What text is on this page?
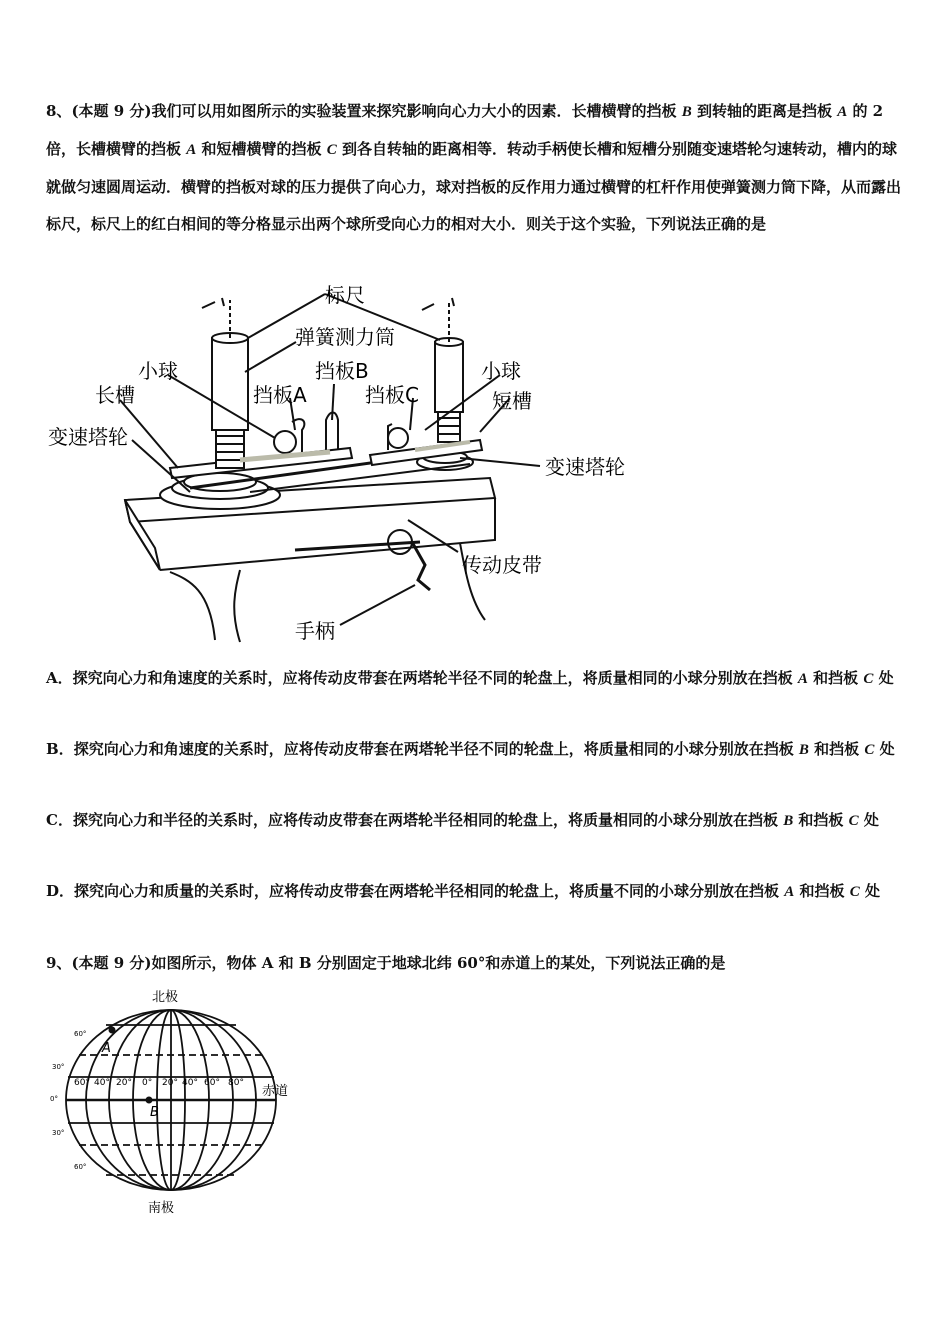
8、(本题 9 分)我们可以用如图所示的实验装置来探究影响向心力大小的因素．长槽横臂的挡板 B 到转轴的距离是挡板 A 的 2 倍，长槽横臂的挡板 A 和短槽横臂的挡板 C 到各自转轴的距离相等．转动手柄使长槽和短槽分别随变速塔轮匀速转动，槽内的球就做匀速圆周运动．横臂的挡板对球的压力提供了向心力，球对挡板的反作用力通过横臂的杠杆作用使弹簧测力筒下降，从而露出标尺，标尺上的红白相间的等分格显示出两个球所受向心力的相对大小．则关于这个实验，下列说法正确的是
标尺
弹簧测力筒
小球	挡板B	小球
长槽	挡板A	挡板C	短槽
变速塔轮
变速塔轮
传动皮带
手柄
A．探究向心力和角速度的关系时，应将传动皮带套在两塔轮半径不同的轮盘上，将质量相同的小球分别放在挡板 A 和挡板 C 处
B．探究向心力和角速度的关系时，应将传动皮带套在两塔轮半径不同的轮盘上，将质量相同的小球分别放在挡板 B 和挡板 C 处
C．探究向心力和半径的关系时，应将传动皮带套在两塔轮半径相同的轮盘上，将质量相同的小球分别放在挡板 B 和挡板 C 处
D．探究向心力和质量的关系时，应将传动皮带套在两塔轮半径相同的轮盘上，将质量不同的小球分别放在挡板 A 和挡板 C 处
9、(本题 9 分)如图所示，物体 A 和 B 分别固定于地球北纬 60°和赤道上的某处，下列说法正确的是
北极
南极
赤道
60°
30°
0°
30°
60°
60° 40° 20° 0° 20° 40° 60° 80°
A
B
